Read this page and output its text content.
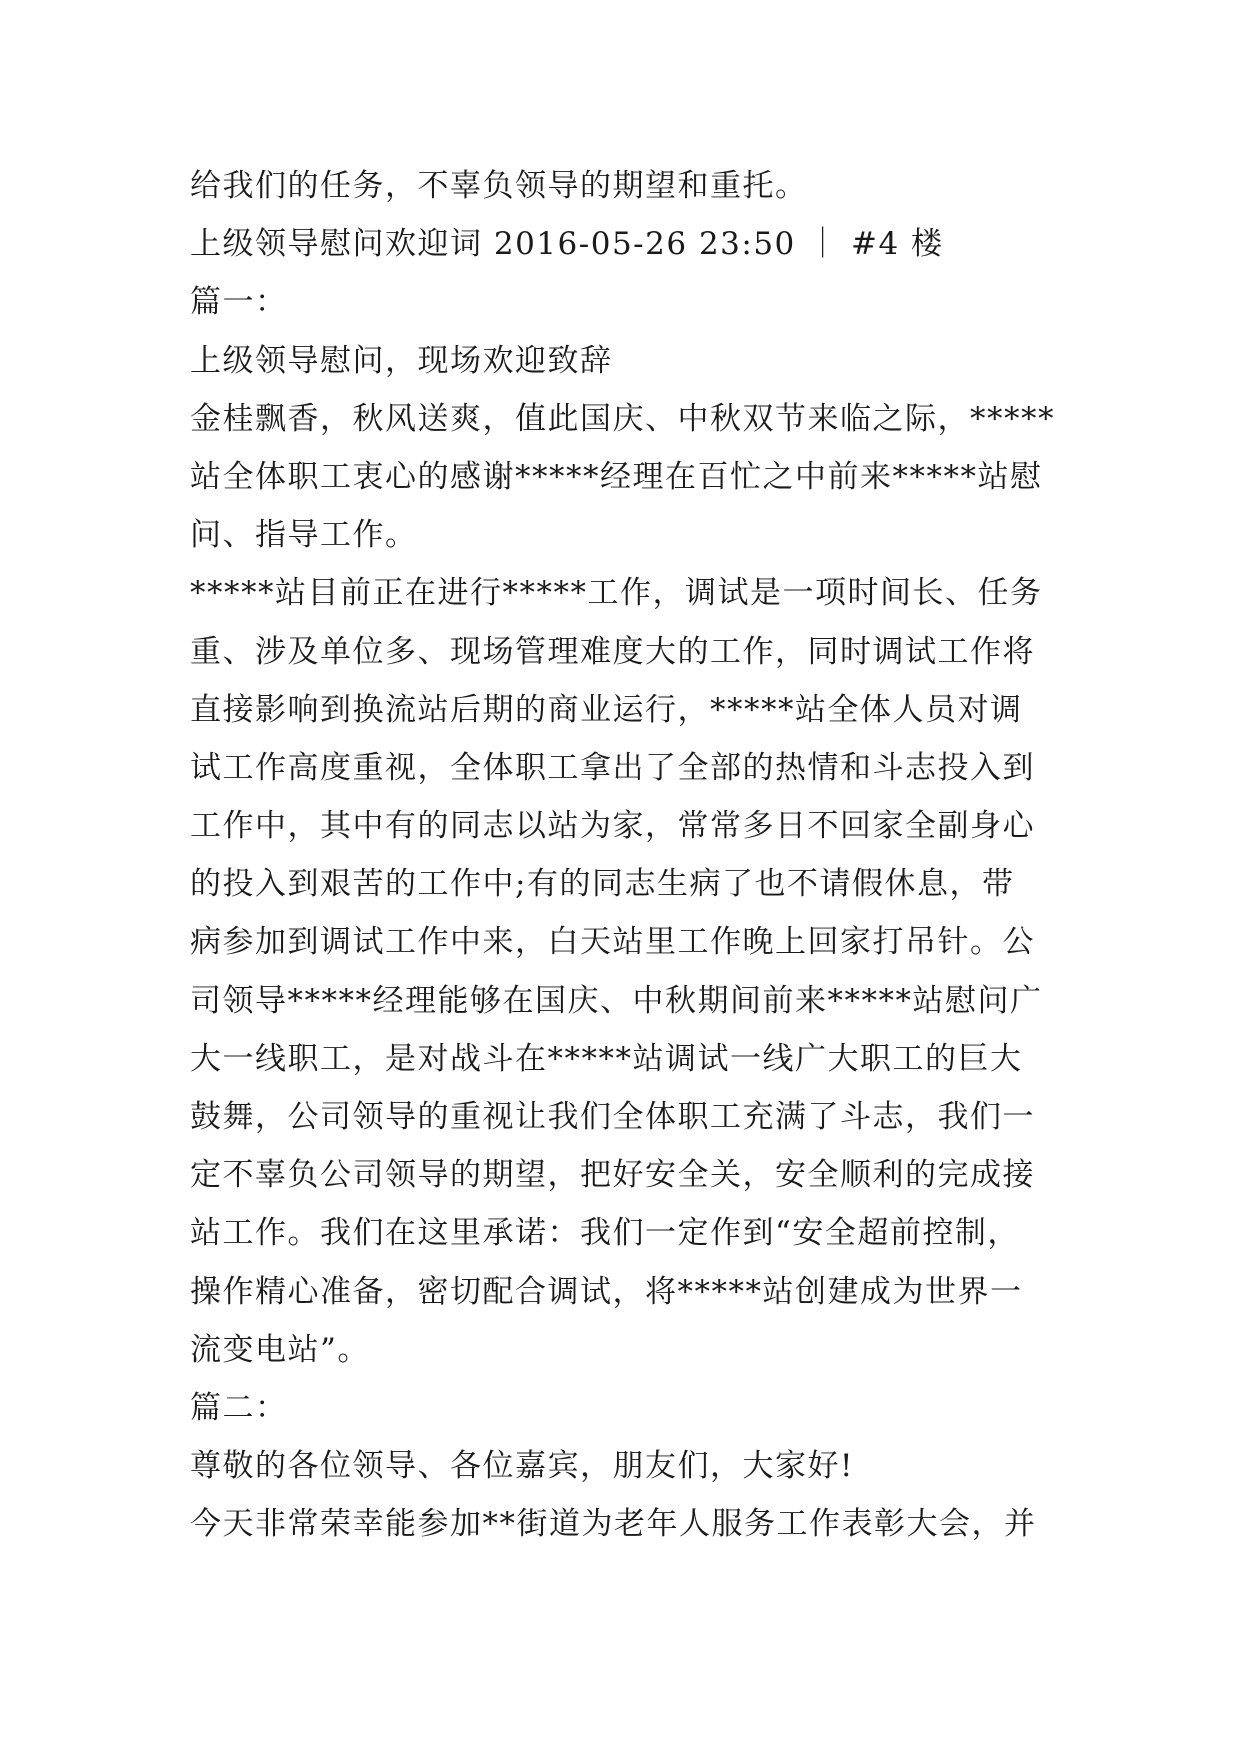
给我们的任务，不辜负领导的期望和重托。
上级领导慰问欢迎词 2016-05-26 23:50 ｜ #4 楼
篇一：
上级领导慰问，现场欢迎致辞
金桂飘香，秋风送爽，值此国庆、中秋双节来临之际，*****
站全体职工衷心的感谢*****经理在百忙之中前来*****站慰
问、指导工作。
*****站目前正在进行*****工作，调试是一项时间长、任务
重、涉及单位多、现场管理难度大的工作，同时调试工作将
直接影响到换流站后期的商业运行，*****站全体人员对调
试工作高度重视，全体职工拿出了全部的热情和斗志投入到
工作中，其中有的同志以站为家，常常多日不回家全副身心
的投入到艰苦的工作中;有的同志生病了也不请假休息，带
病参加到调试工作中来，白天站里工作晚上回家打吊针。公
司领导*****经理能够在国庆、中秋期间前来*****站慰问广
大一线职工，是对战斗在*****站调试一线广大职工的巨大
鼓舞，公司领导的重视让我们全体职工充满了斗志，我们一
定不辜负公司领导的期望，把好安全关，安全顺利的完成接
站工作。我们在这里承诺：我们一定作到“安全超前控制，
操作精心准备，密切配合调试，将*****站创建成为世界一
流变电站”。
篇二：
尊敬的各位领导、各位嘉宾，朋友们，大家好!
今天非常荣幸能参加**街道为老年人服务工作表彰大会，并
